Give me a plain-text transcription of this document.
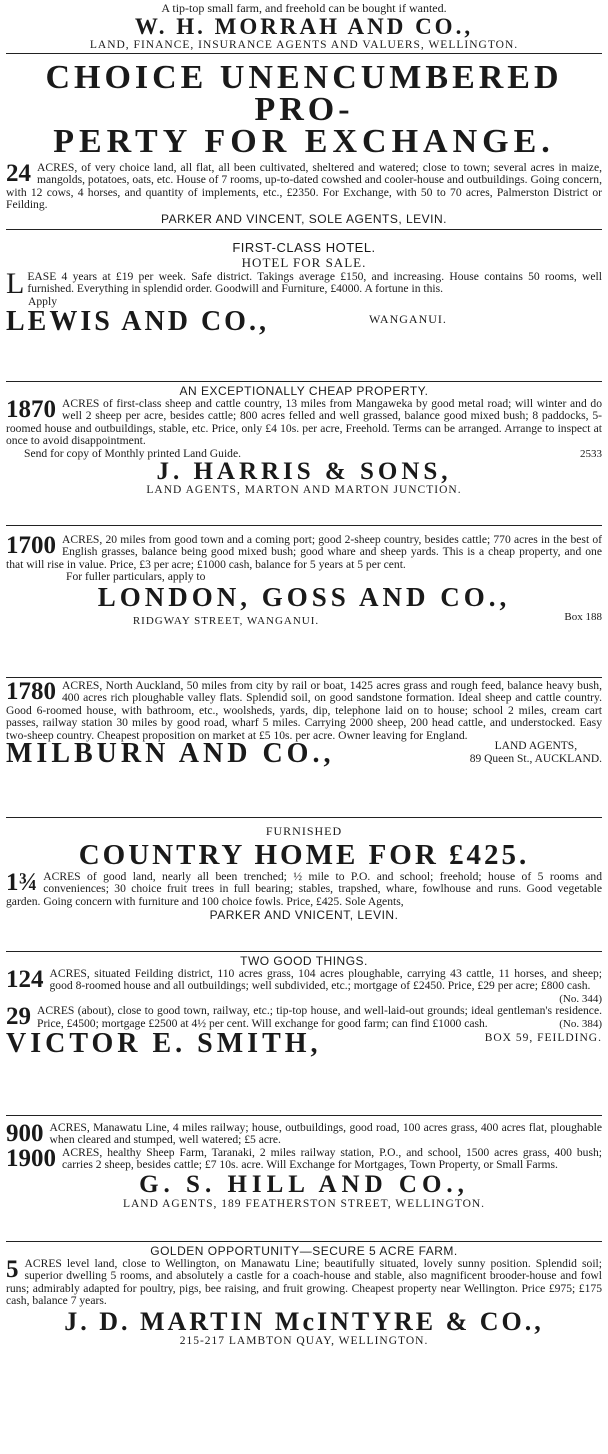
A tip-top small farm, and freehold can be bought if wanted.

W. H. MORRAH AND CO.,

LAND, FINANCE, INSURANCE AGENTS AND VALUERS, WELLINGTON.

CHOICE UNENCUMBERED PRO-

PERTY FOR EXCHANGE.

24 ACRES, of very choice land, all flat, all been cultivated, sheltered and watered; close to town; several acres in maize, mangolds, potatoes, oats, etc. House of 7 rooms, up-to-dated cowshed and cooler-house and outbuildings. Going concern, with 12 cows, 4 horses, and quantity of implements, etc., £2350. For Exchange, with 50 to 70 acres, Palmerston District or Feilding.

PARKER AND VINCENT, SOLE AGENTS, LEVIN.

FIRST-CLASS HOTEL.

HOTEL FOR SALE.

LEASE 4 years at £19 per week. Safe district. Takings average £150, and increasing. House contains 50 rooms, well furnished. Everything in splendid order. Goodwill and Furniture, £4000. A fortune in this.

Apply

LEWIS AND CO.,	WANGANUI.

AN EXCEPTIONALLY CHEAP PROPERTY.

1870 ACRES of first-class sheep and cattle country, 13 miles from Mangaweka by good metal road; will winter and do well 2 sheep per acre, besides cattle; 800 acres felled and well grassed, balance good mixed bush; 8 paddocks, 5-roomed house and outbuildings, stable, etc. Price, only £4 10s. per acre, Freehold. Terms can be arranged. Arrange to inspect at once to avoid disappointment.

Send for copy of Monthly printed Land Guide.	2533

J. HARRIS & SONS,

LAND AGENTS, MARTON AND MARTON JUNCTION.

1700 ACRES, 20 miles from good town and a coming port; good 2-sheep country, besides cattle; 770 acres in the best of English grasses, balance being good mixed bush; good whare and sheep yards. This is a cheap property, and one that will rise in value. Price, £3 per acre; £1000 cash, balance for 5 years at 5 per cent.

For fuller particulars, apply to

LONDON, GOSS AND CO.,

RIDGWAY STREET, WANGANUI.	Box 188

1780 ACRES, North Auckland, 50 miles from city by rail or boat, 1425 acres grass and rough feed, balance heavy bush, 400 acres rich ploughable valley flats. Splendid soil, on good sandstone formation. Ideal sheep and cattle country. Good 6-roomed house, with bathroom, etc., woolsheds, yards, dip, telephone laid on to house; school 2 miles, cream cart passes, railway station 30 miles by good road, wharf 5 miles. Carrying 2000 sheep, 200 head cattle, and understocked. Easy two-sheep country. Cheapest proposition on market at £5 10s. per acre. Owner leaving for England.

MILBURN AND CO.,	LAND AGENTS,
89 Queen St., AUCKLAND.

FURNISHED

COUNTRY HOME FOR £425.

1¾ ACRES of good land, nearly all been trenched; ½ mile to P.O. and school; freehold; house of 5 rooms and conveniences; 30 choice fruit trees in full bearing; stables, trapshed, whare, fowlhouse and runs. Good vegetable garden. Going concern with furniture and 100 choice fowls. Price, £425. Sole Agents,

PARKER AND VNICENT, LEVIN.

TWO GOOD THINGS.

124 ACRES, situated Feilding district, 110 acres grass, 104 acres ploughable, carrying 43 cattle, 11 horses, and sheep; good 8-roomed house and all outbuildings; well subdivided, etc.; mortgage of £2450. Price, £29 per acre; £800 cash.
(No. 344)

29 ACRES (about), close to good town, railway, etc.; tip-top house, and well-laid-out grounds; ideal gentleman's residence. Price, £4500; mortgage £2500 at 4½ per cent. Will exchange for good farm; can find £1000 cash.	(No. 384)

VICTOR E. SMITH,	BOX 59, FEILDING.

900 ACRES, Manawatu Line, 4 miles railway; house, outbuildings, good road, 100 acres grass, 400 acres flat, ploughable when cleared and stumped, well watered; £5 acre.

1900 ACRES, healthy Sheep Farm, Taranaki, 2 miles railway station, P.O., and school, 1500 acres grass, 400 bush; carries 2 sheep, besides cattle; £7 10s. acre. Will Exchange for Mortgages, Town Property, or Small Farms.

G. S. HILL AND CO.,

LAND AGENTS, 189 FEATHERSTON STREET, WELLINGTON.

GOLDEN OPPORTUNITY—SECURE 5 ACRE FARM.

5 ACRES level land, close to Wellington, on Manawatu Line; beautifully situated, lovely sunny position. Splendid soil; superior dwelling 5 rooms, and absolutely a castle for a coach-house and stable, also magnificent brooder-house and fowl runs; admirably adapted for poultry, pigs, bee raising, and fruit growing. Cheapest property near Wellington. Price £975; £175 cash, balance 7 years.

J. D. MARTIN McINTYRE & CO.,

215-217 LAMBTON QUAY, WELLINGTON.
